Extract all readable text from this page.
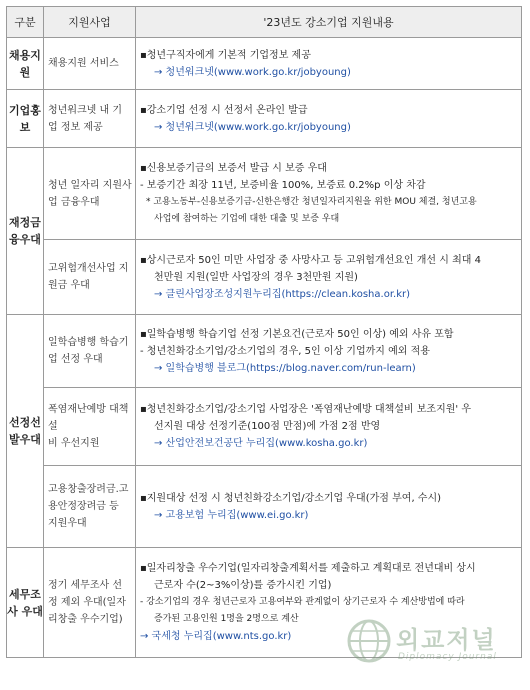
구분	지원사업	'23년도 강소기업 지원내용
채용지
원	채용지원 서비스	▪청년구직자에게 기본적 기업정보 제공
→ 청년워크넷(www.work.go.kr/jobyoung)

기업홍
보	청년워크넷 내 기
업 정보 제공	▪강소기업 선정 시 선정서 온라인 발급
→ 청년워크넷(www.work.go.kr/jobyoung)

재정금
융우대	청년 일자리 지원사
업 금융우대	▪신용보증기금의 보증서 발급 시 보증 우대
- 보증기간 최장 11년, 보증비율 100%, 보증료 0.2%p 이상 차감
* 고용노동부-신용보증기금-신한은행간 청년일자리지원을 위한 MOU 체결, 청년고용
사업에 참여하는 기업에 대한 대출 및 보증 우대

	고위험개선사업 지
원금 우대	▪상시근로자 50인 미만 사업장 중 사망사고 등 고위험개선요인 개선 시 최대 4
천만원 지원(일반 사업장의 경우 3천만원 지원)
→ 클린사업장조성지원누리집(https://clean.kosha.or.kr)

선정선
발우대	일학습병행 학습기
업 선정 우대	▪일학습병행 학습기업 선정 기본요건(근로자 50인 이상) 예외 사유 포함
- 청년친화강소기업/강소기업의 경우, 5인 이상 기업까지 예외 적용
→ 일학습병행 블로그(https://blog.naver.com/run-learn)

	폭염재난예방 대책설
비 우선지원	▪청년친화강소기업/강소기업 사업장은 '폭염재난예방 대책설비 보조지원' 우
선지원 대상 선정기준(100점 만점)에 가점 2점 반영
→ 산업안전보건공단 누리집(www.kosha.go.kr)

	고용창출장려금.고
용안정장려금 등
지원우대	▪지원대상 선정 시 청년친화강소기업/강소기업 우대(가점 부여, 수시)
→ 고용보험 누리집(www.ei.go.kr)

세무조
사 우대	정기 세무조사 선
정 제외 우대(일자
리창출 우수기업)	▪일자리창출 우수기업(일자리창출계획서를 제출하고 계획대로 전년대비 상시
근로자 수(2~3%이상)를 증가시킨 기업)
- 강소기업의 경우 청년근로자 고용여부와 관계없이 상기근로자 수 계산방법에 따라
증가된 고용인원 1명을 2명으로 계산
→ 국세청 누리집(www.nts.go.kr)	외교저널
Diplomacy Journal
